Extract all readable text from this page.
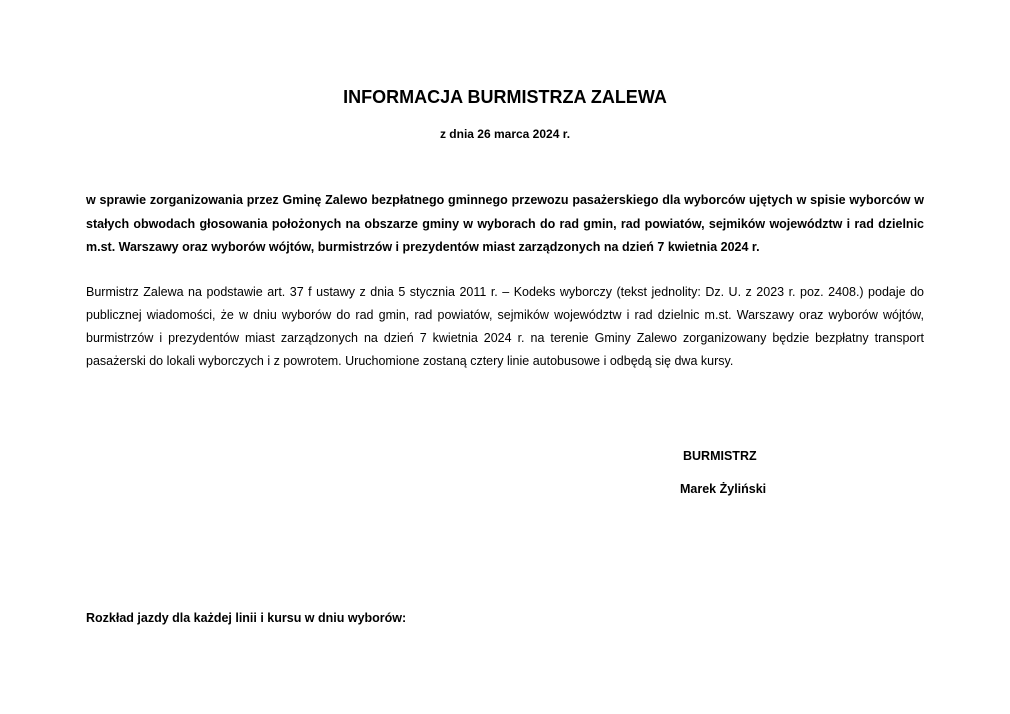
INFORMACJA BURMISTRZA ZALEWA
z dnia 26 marca 2024 r.
w sprawie zorganizowania przez Gminę Zalewo bezpłatnego gminnego przewozu pasażerskiego dla wyborców ujętych w spisie wyborców w stałych obwodach głosowania położonych na obszarze gminy w wyborach do rad gmin, rad powiatów, sejmików województw i rad dzielnic m.st. Warszawy oraz wyborów wójtów, burmistrzów i prezydentów miast zarządzonych na dzień 7 kwietnia 2024 r.
Burmistrz Zalewa na podstawie art. 37 f ustawy z dnia 5 stycznia 2011 r. – Kodeks wyborczy (tekst jednolity: Dz. U. z 2023 r. poz. 2408.) podaje do publicznej wiadomości, że w dniu wyborów do rad gmin, rad powiatów, sejmików województw i rad dzielnic m.st. Warszawy oraz wyborów wójtów, burmistrzów i prezydentów miast zarządzonych na dzień 7 kwietnia 2024 r. na terenie Gminy Zalewo zorganizowany będzie bezpłatny transport pasażerski do lokali wyborczych i z powrotem. Uruchomione zostaną cztery linie autobusowe i odbędą się dwa kursy.
BURMISTRZ
Marek Żyliński
Rozkład jazdy dla każdej linii i kursu w dniu wyborów:
